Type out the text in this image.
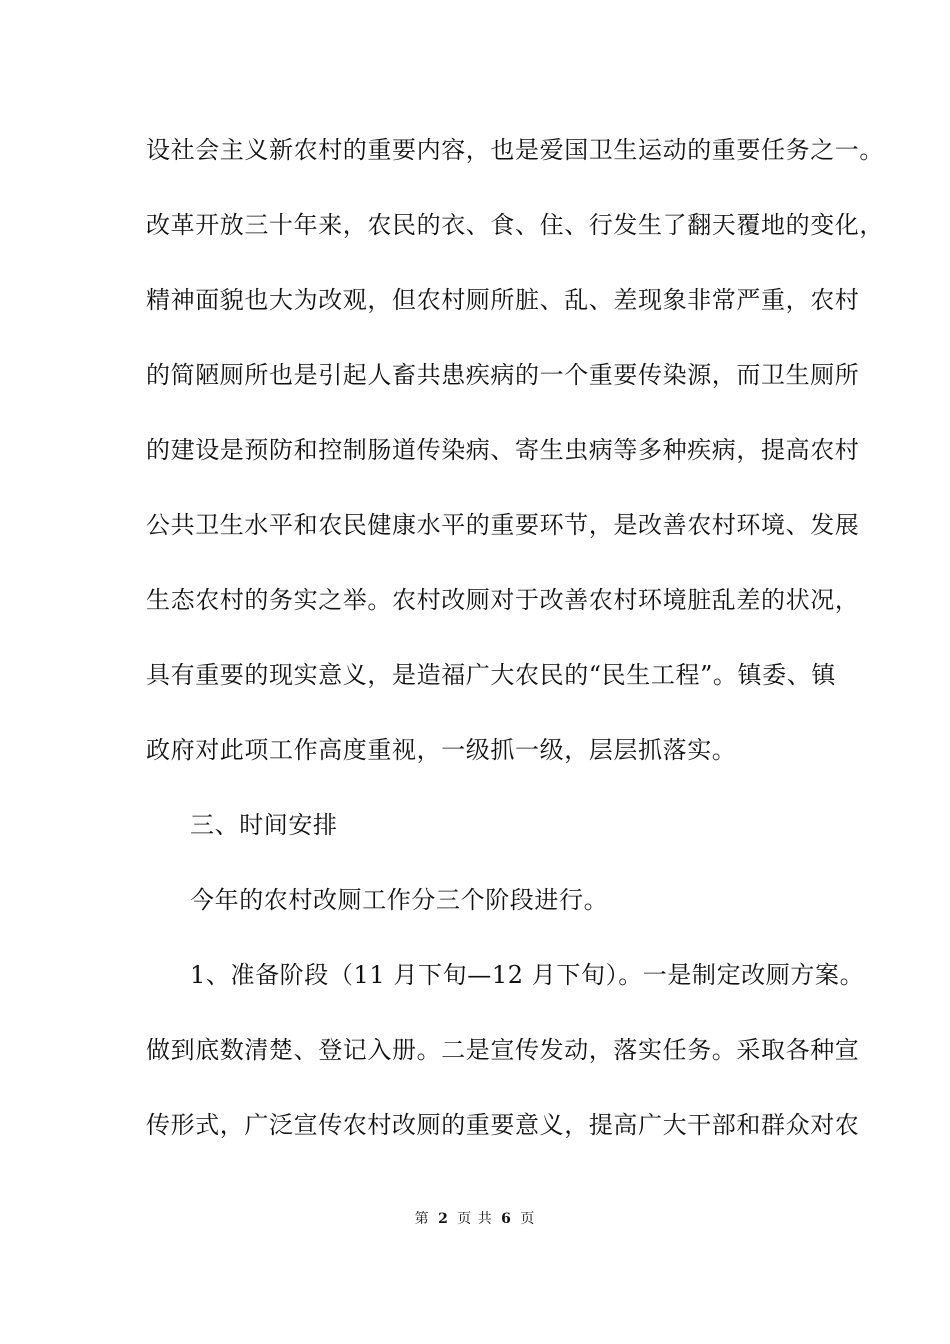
设社会主义新农村的重要内容，也是爱国卫生运动的重要任务之一。
改革开放三十年来，农民的衣、食、住、行发生了翻天覆地的变化，
精神面貌也大为改观，但农村厕所脏、乱、差现象非常严重，农村
的简陋厕所也是引起人畜共患疾病的一个重要传染源，而卫生厕所
的建设是预防和控制肠道传染病、寄生虫病等多种疾病，提高农村
公共卫生水平和农民健康水平的重要环节，是改善农村环境、发展
生态农村的务实之举。农村改厕对于改善农村环境脏乱差的状况，
具有重要的现实意义，是造福广大农民的“民生工程”。镇委、镇
政府对此项工作高度重视，一级抓一级，层层抓落实。
三、时间安排
今年的农村改厕工作分三个阶段进行。
1、准备阶段（11 月下旬—12 月下旬）。一是制定改厕方案。
做到底数清楚、登记入册。二是宣传发动，落实任务。采取各种宣
传形式，广泛宣传农村改厕的重要意义，提高广大干部和群众对农
第 2 页 共 6 页
